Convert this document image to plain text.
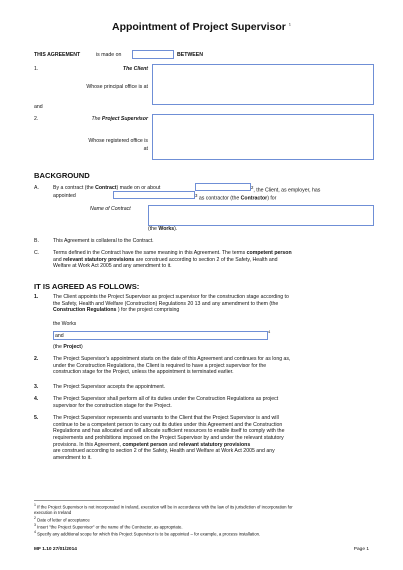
Appointment of Project Supervisor $^1$
THIS AGREEMENT	is made on	BETWEEN
1.	The Client
Whose principal office is at
and
2.	The Project Supervisor
Whose registered office is
at
BACKGROUND
A.	By a contract (the Contract) made on or about	$^2$, the Client, as employer, has
appointed	$^3$ as contractor (the Contractor) for
Name of Contract
(the Works).
B.	This Agreement is collateral to the Contract.
C.	Terms defined in the Contract have the same meaning in this Agreement. The terms competent person
and relevant statutory provisions are construed according to section 2 of the Safety, Health and
Welfare at Work Act 2005 and any amendment to it.
IT IS AGREED AS FOLLOWS:
1.	The Client appoints the Project Supervisor as project supervisor for the construction stage according to
the Safety, Health and Welfare (Construction) Regulations 20 13 and any amendment to them (the
Construction Regulations ) for the project comprising
the Works
and
4
(the Project)
2.	The Project Supervisor's appointment starts on the date of this Agreement and continues for as long as,
under the Construction Regulations, the Client is required to have a project supervisor for the
construction stage for the Project, unless the appointment is terminated earlier.
3.	The Project Supervisor accepts the appointment.
4.	The Project Supervisor shall perform all of its duties under the Construction Regulations as project
supervisor for the construction stage for the Project.
5.	The Project Supervisor represents and warrants to the Client that the Project Supervisor is and will
continue to be a competent person to carry out its duties under this Agreement and the Construction
Regulations and has allocated and will allocate sufficient resources to enable itself to comply with the
requirements and prohibitions imposed on the Project Supervisor by and under the relevant statutory
provisions. In this Agreement, competent person and relevant statutory provisions
are construed according to section 2 of the Safety, Health and Welfare at Work Act 2005 and any
amendment to it.
$^1$ If the Project Supervisor is not incorporated in Ireland, execution will be in accordance with the law of its jurisdiction of incorporation for
execution in Ireland
$^2$ Date of letter of acceptance
$^3$ Insert "the Project Supervisor" or the name of the Contractor, as appropriate.
$^4$ Specify any additional scope for which this Project Supervisor is to be appointed – for example, a process installation.
MF 1.10 27/01/2014	Page 1
